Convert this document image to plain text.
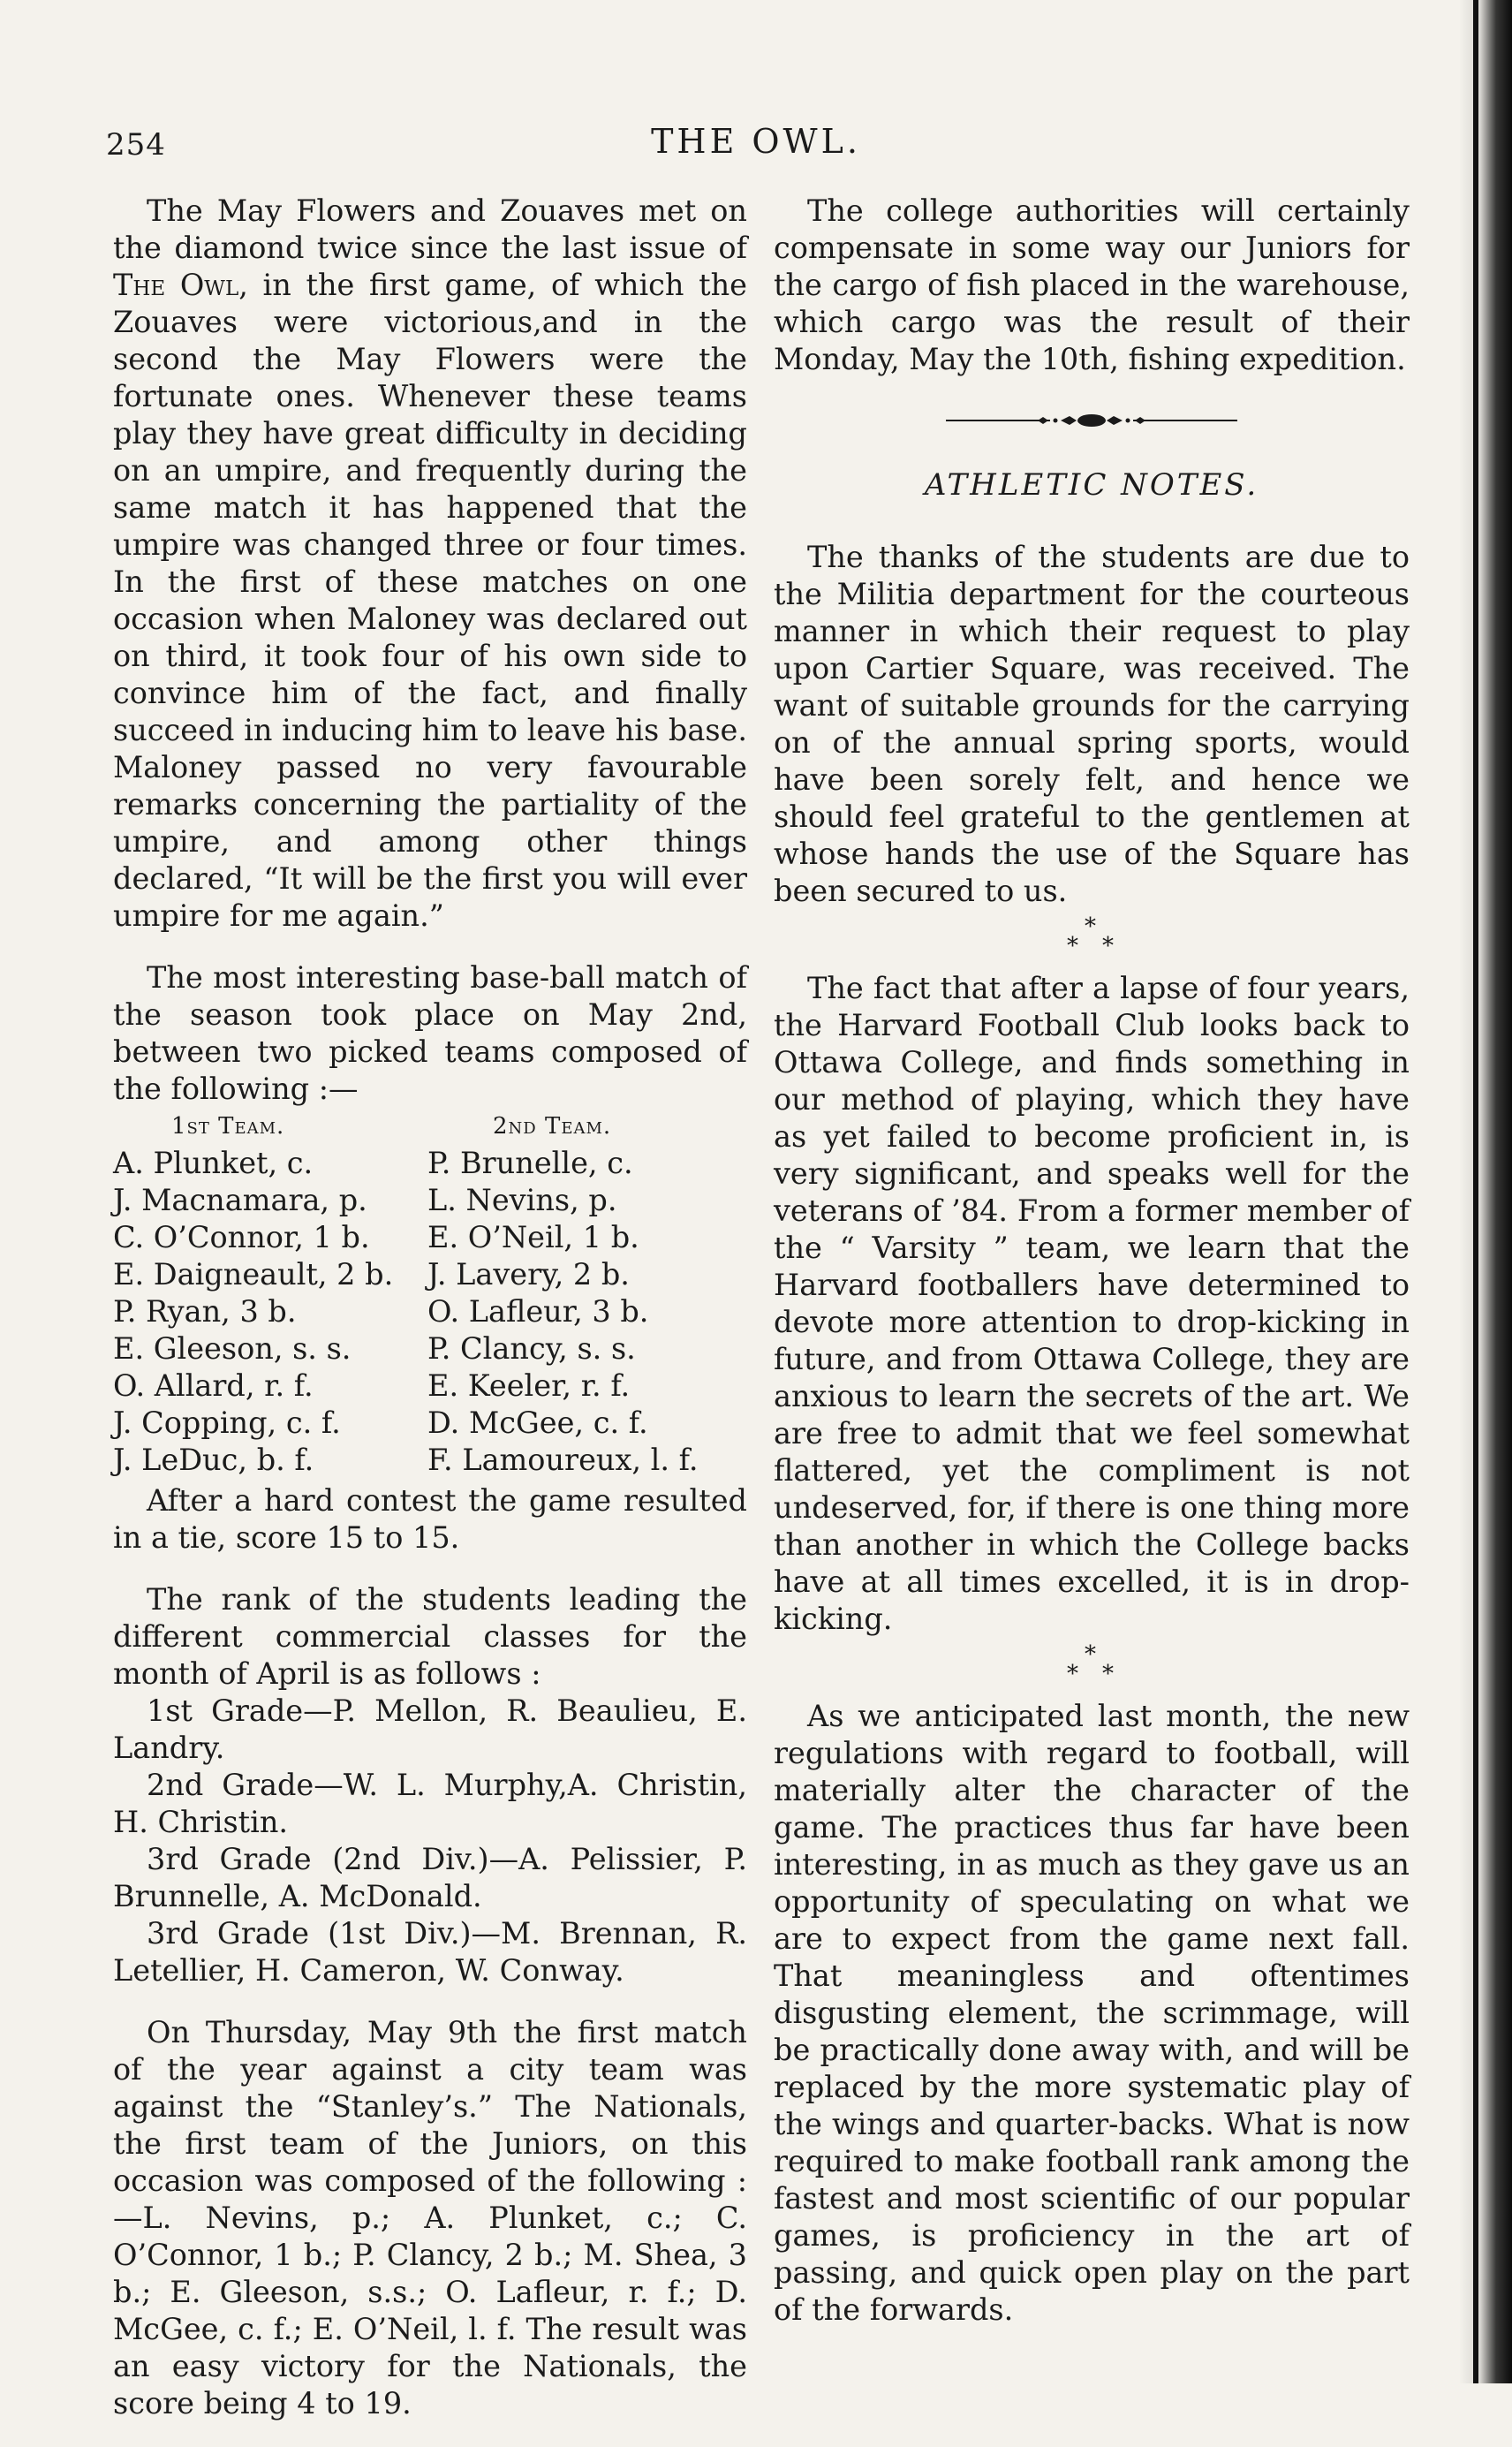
254	THE OWL.

The May Flowers and Zouaves met on the diamond twice since the last issue of The Owl, in the first game, of which the Zouaves were victorious,and in the second the May Flowers were the fortunate ones. Whenever these teams play they have great difficulty in deciding on an umpire, and frequently during the same match it has happened that the umpire was changed three or four times. In the first of these matches on one occasion when Maloney was declared out on third, it took four of his own side to convince him of the fact, and finally succeed in inducing him to leave his base. Maloney passed no very favourable remarks concerning the partiality of the umpire, and among other things declared, “It will be the first you will ever umpire for me again.”

The most interesting base-ball match of the season took place on May 2nd, between two picked teams composed of the following :—

1st Team.	2nd Team.
A. Plunket, c.	P. Brunelle, c.
J. Macnamara, p.	L. Nevins, p.
C. O’Connor, 1 b.	E. O’Neil, 1 b.
E. Daigneault, 2 b.	J. Lavery, 2 b.
P. Ryan, 3 b.	O. Lafleur, 3 b.
E. Gleeson, s. s.	P. Clancy, s. s.
O. Allard, r. f.	E. Keeler, r. f.
J. Copping, c. f.	D. McGee, c. f.
J. LeDuc, b. f.	F. Lamoureux, l. f.

After a hard contest the game resulted in a tie, score 15 to 15.

The rank of the students leading the different commercial classes for the month of April is as follows :

1st Grade—P. Mellon, R. Beaulieu, E. Landry.
2nd Grade—W. L. Murphy,A. Christin, H. Christin.
3rd Grade (2nd Div.)—A. Pelissier, P. Brunnelle, A. McDonald.
3rd Grade (1st Div.)—M. Brennan, R. Letellier, H. Cameron, W. Conway.

On Thursday, May 9th the first match of the year against a city team was against the “Stanley’s.” The Nationals, the first team of the Juniors, on this occasion was composed of the following :—L. Nevins, p.; A. Plunket, c.; C. O’Connor, 1 b.; P. Clancy, 2 b.; M. Shea, 3 b.; E. Gleeson, s.s.; O. Lafleur, r. f.; D. McGee, c. f.; E. O’Neil, l. f. The result was an easy victory for the Nationals, the score being 4 to 19.

The college authorities will certainly compensate in some way our Juniors for the cargo of fish placed in the warehouse, which cargo was the result of their Monday, May the 10th, fishing expedition.

ATHLETIC NOTES.

The thanks of the students are due to the Militia department for the courteous manner in which their request to play upon Cartier Square, was received. The want of suitable grounds for the carrying on of the annual spring sports, would have been sorely felt, and hence we should feel grateful to the gentlemen at whose hands the use of the Square has been secured to us.

*
* *

The fact that after a lapse of four years, the Harvard Football Club looks back to Ottawa College, and finds something in our method of playing, which they have as yet failed to become proficient in, is very significant, and speaks well for the veterans of ’84. From a former member of the “ Varsity ” team, we learn that the Harvard footballers have determined to devote more attention to drop-kicking in future, and from Ottawa College, they are anxious to learn the secrets of the art. We are free to admit that we feel somewhat flattered, yet the compliment is not undeserved, for, if there is one thing more than another in which the College backs have at all times excelled, it is in drop-kicking.

*
* *

As we anticipated last month, the new regulations with regard to football, will materially alter the character of the game. The practices thus far have been interesting, in as much as they gave us an opportunity of speculating on what we are to expect from the game next fall. That meaningless and oftentimes disgusting element, the scrimmage, will be practically done away with, and will be replaced by the more systematic play of the wings and quarter-backs. What is now required to make football rank among the fastest and most scientific of our popular games, is proficiency in the art of passing, and quick open play on the part of the forwards.
